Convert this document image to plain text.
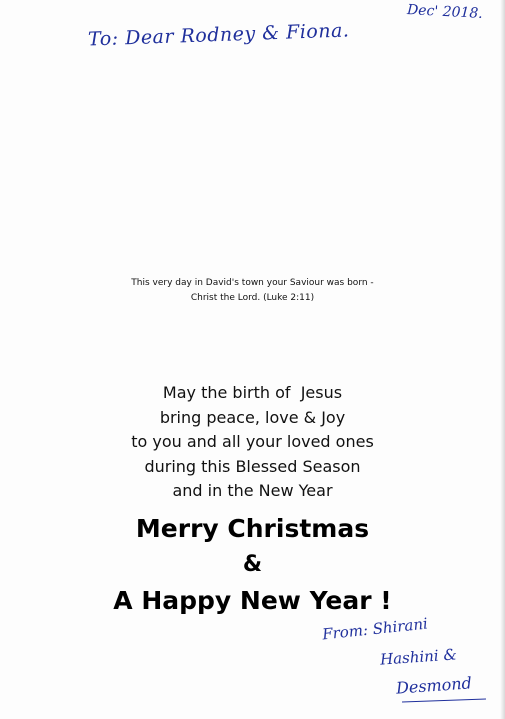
Dec' 2018.
To: Dear Rodney & Fiona.
This very day in David's town your Saviour was born -
Christ the Lord. (Luke 2:11)
May the birth of  Jesus
bring peace, love & Joy
to you and all your loved ones
during this Blessed Season
and in the New Year
Merry Christmas
&
A Happy New Year !
From: Shirani
Hashini &
Desmond
